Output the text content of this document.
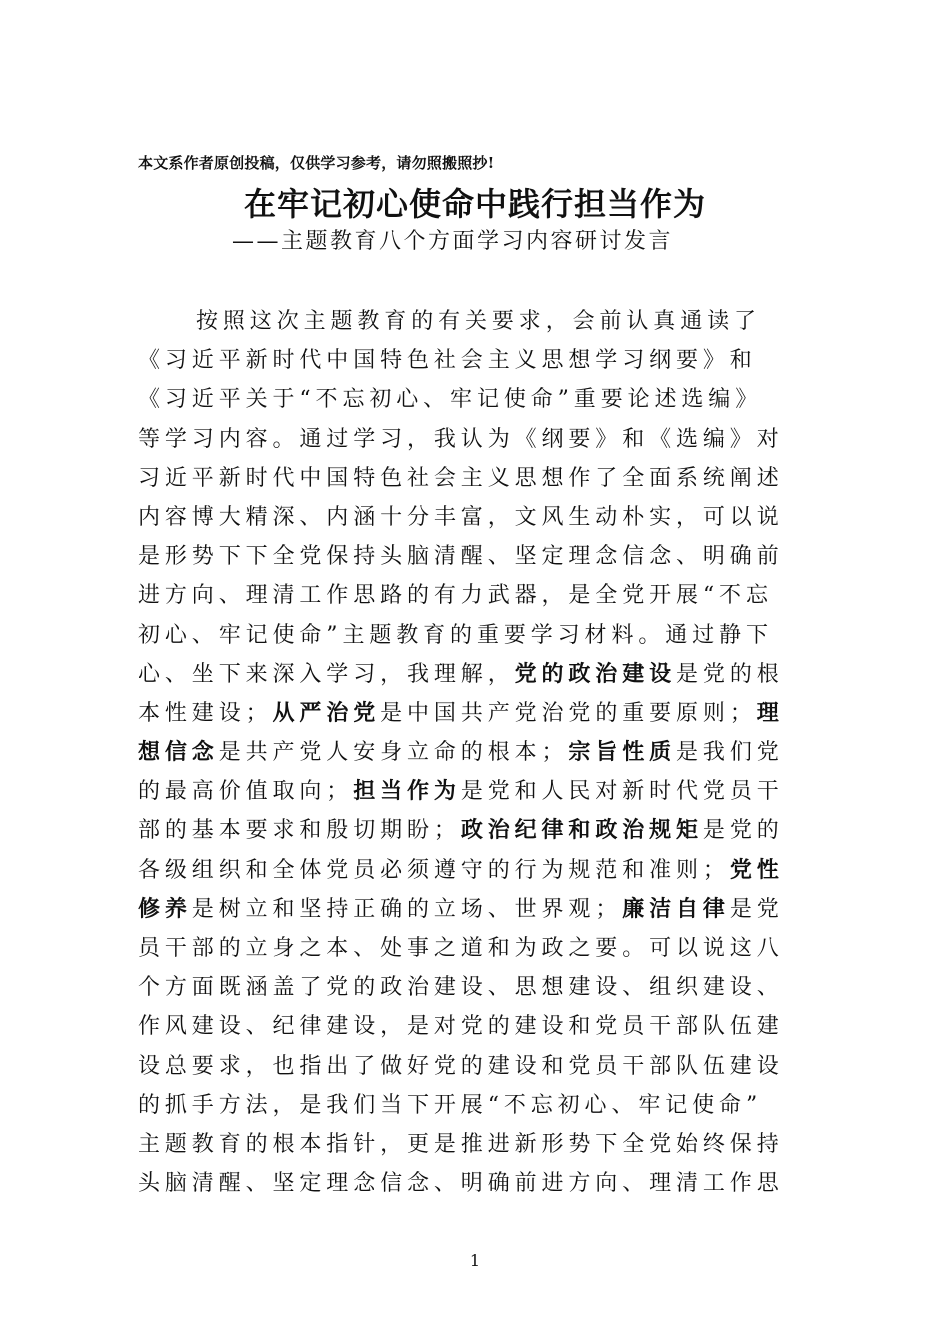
本文系作者原创投稿，仅供学习参考，请勿照搬照抄!
在牢记初心使命中践行担当作为
——主题教育八个方面学习内容研讨发言
按照这次主题教育的有关要求，会前认真通读了
《习近平新时代中国特色社会主义思想学习纲要》和
《习近平关于“不忘初心、牢记使命”重要论述选编》
等学习内容。通过学习，我认为《纲要》和《选编》对
习近平新时代中国特色社会主义思想作了全面系统阐述
内容博大精深、内涵十分丰富，文风生动朴实，可以说
是形势下下全党保持头脑清醒、坚定理念信念、明确前
进方向、理清工作思路的有力武器，是全党开展“不忘
初心、牢记使命”主题教育的重要学习材料。通过静下
心、坐下来深入学习，我理解，党的政治建设是党的根
本性建设；从严治党是中国共产党治党的重要原则；理
想信念是共产党人安身立命的根本；宗旨性质是我们党
的最高价值取向；担当作为是党和人民对新时代党员干
部的基本要求和殷切期盼；政治纪律和政治规矩是党的
各级组织和全体党员必须遵守的行为规范和准则；党性
修养是树立和坚持正确的立场、世界观；廉洁自律是党
员干部的立身之本、处事之道和为政之要。可以说这八
个方面既涵盖了党的政治建设、思想建设、组织建设、
作风建设、纪律建设，是对党的建设和党员干部队伍建
设总要求，也指出了做好党的建设和党员干部队伍建设
的抓手方法，是我们当下开展“不忘初心、牢记使命”
主题教育的根本指针，更是推进新形势下全党始终保持
头脑清醒、坚定理念信念、明确前进方向、理清工作思
1
